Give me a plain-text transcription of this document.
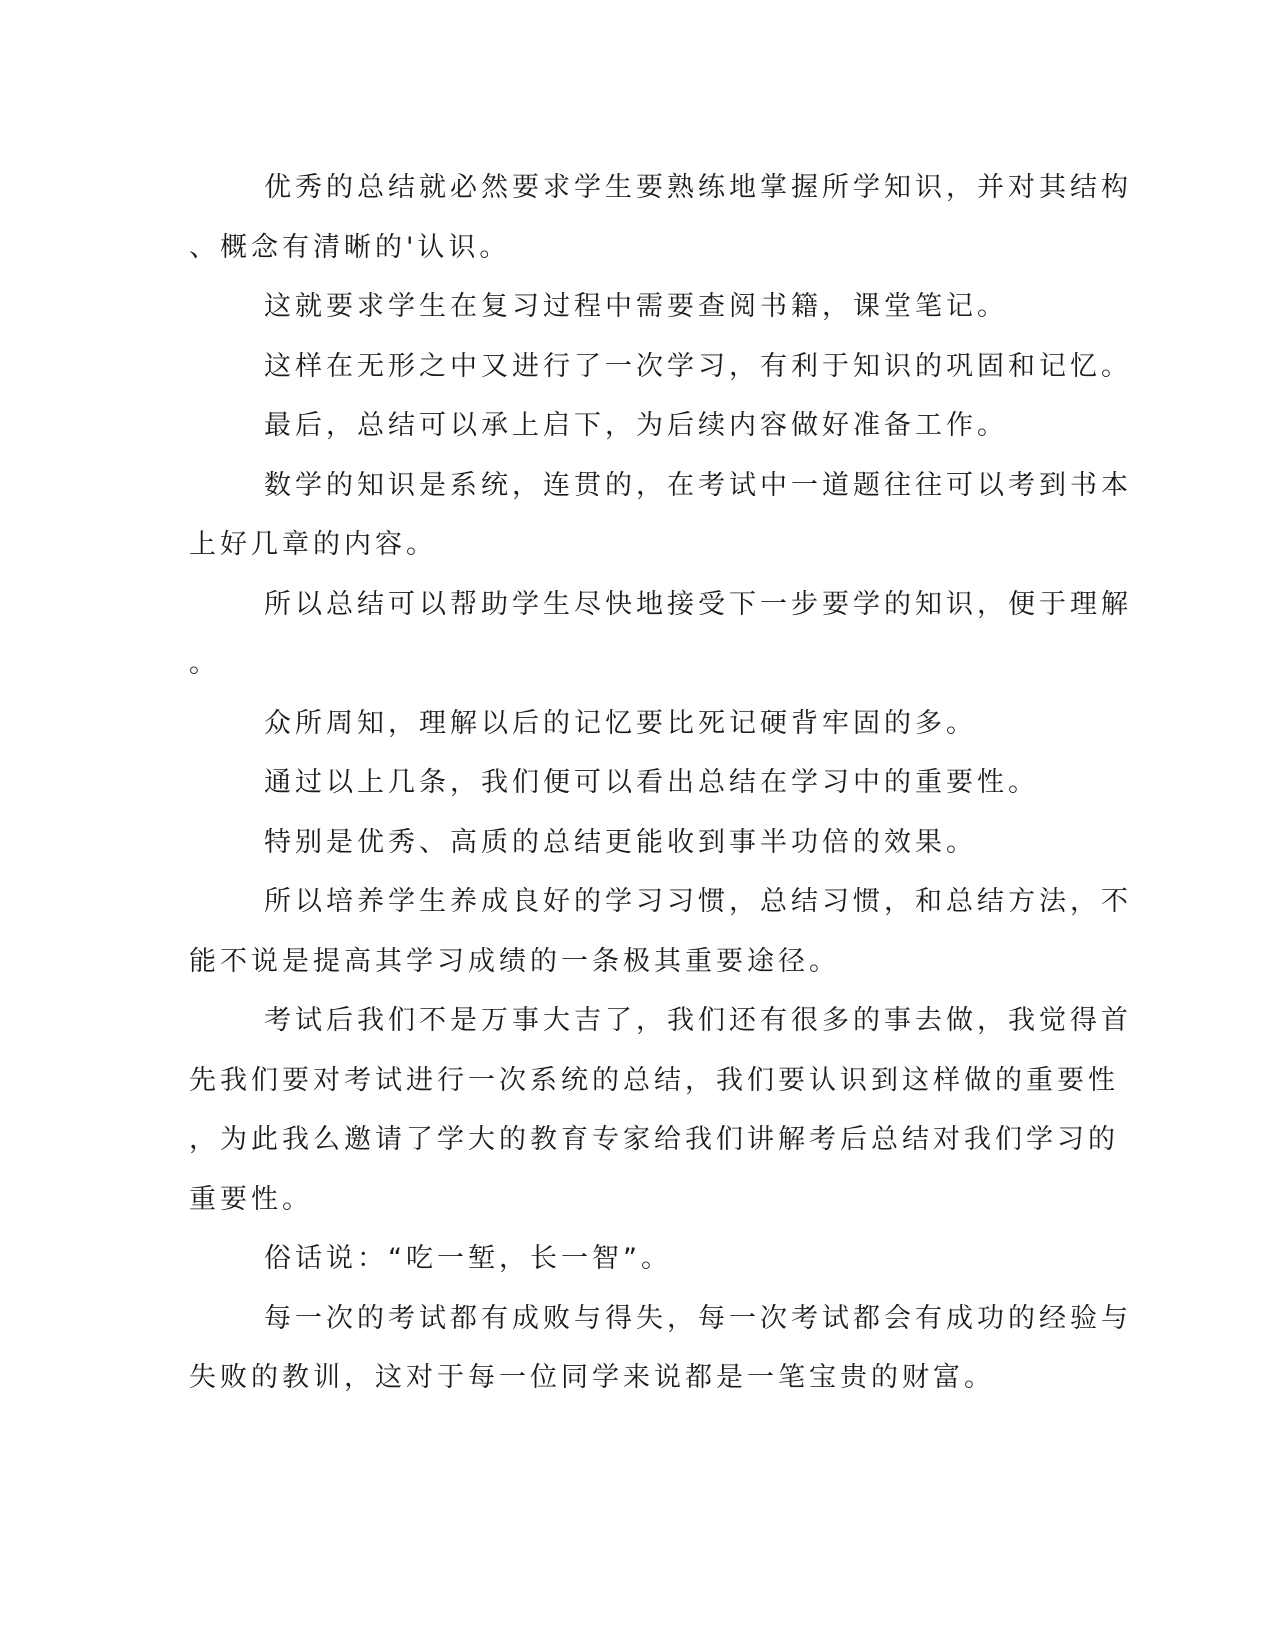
优秀的总结就必然要求学生要熟练地掌握所学知识，并对其结构
、概念有清晰的'认识。
这就要求学生在复习过程中需要查阅书籍，课堂笔记。
这样在无形之中又进行了一次学习，有利于知识的巩固和记忆。
最后，总结可以承上启下，为后续内容做好准备工作。
数学的知识是系统，连贯的，在考试中一道题往往可以考到书本
上好几章的内容。
所以总结可以帮助学生尽快地接受下一步要学的知识，便于理解
。
众所周知，理解以后的记忆要比死记硬背牢固的多。
通过以上几条，我们便可以看出总结在学习中的重要性。
特别是优秀、高质的总结更能收到事半功倍的效果。
所以培养学生养成良好的学习习惯，总结习惯，和总结方法，不
能不说是提高其学习成绩的一条极其重要途径。
考试后我们不是万事大吉了，我们还有很多的事去做，我觉得首
先我们要对考试进行一次系统的总结，我们要认识到这样做的重要性
，为此我么邀请了学大的教育专家给我们讲解考后总结对我们学习的
重要性。
俗话说：“吃一堑，长一智”。
每一次的考试都有成败与得失，每一次考试都会有成功的经验与
失败的教训，这对于每一位同学来说都是一笔宝贵的财富。
